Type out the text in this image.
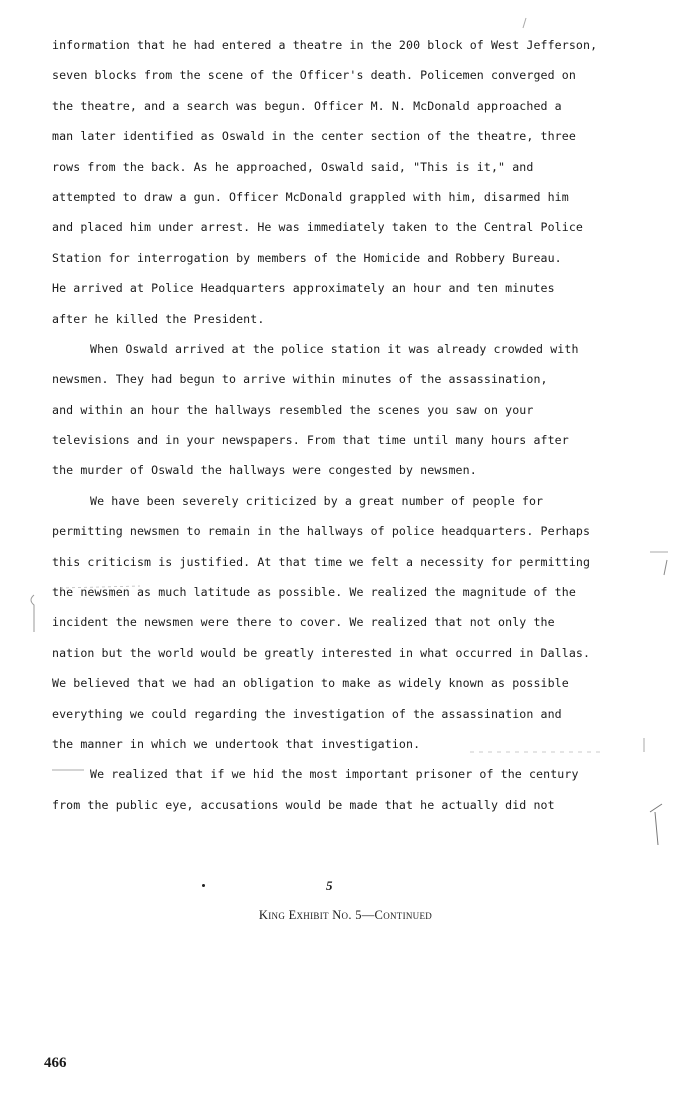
information that he had entered a theatre in the 200 block of West Jefferson,
seven blocks from the scene of the Officer's death. Policemen converged on
the theatre, and a search was begun. Officer M. N. McDonald approached a
man later identified as Oswald in the center section of the theatre, three
rows from the back. As he approached, Oswald said, "This is it," and
attempted to draw a gun. Officer McDonald grappled with him, disarmed him
and placed him under arrest. He was immediately taken to the Central Police
Station for interrogation by members of the Homicide and Robbery Bureau.
He arrived at Police Headquarters approximately an hour and ten minutes
after he killed the President.
When Oswald arrived at the police station it was already crowded with
newsmen. They had begun to arrive within minutes of the assassination,
and within an hour the hallways resembled the scenes you saw on your
televisions and in your newspapers. From that time until many hours after
the murder of Oswald the hallways were congested by newsmen.
We have been severely criticized by a great number of people for
permitting newsmen to remain in the hallways of police headquarters. Perhaps
this criticism is justified. At that time we felt a necessity for permitting
the newsmen as much latitude as possible. We realized the magnitude of the
incident the newsmen were there to cover. We realized that not only the
nation but the world would be greatly interested in what occurred in Dallas.
We believed that we had an obligation to make as widely known as possible
everything we could regarding the investigation of the assassination and
the manner in which we undertook that investigation.
We realized that if we hid the most important prisoner of the century
from the public eye, accusations would be made that he actually did not
5
King Exhibit No. 5—Continued
466
